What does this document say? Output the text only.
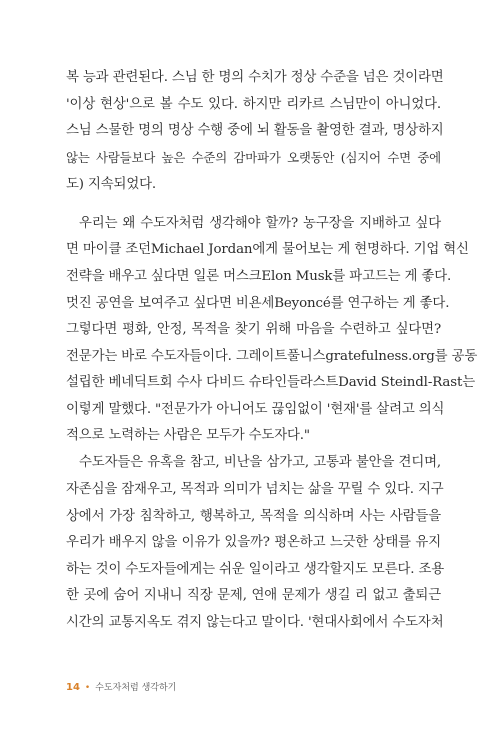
복 능과 관련된다. 스님 한 명의 수치가 정상 수준을 넘은 것이라면
'이상 현상'으로 볼 수도 있다. 하지만 리카르 스님만이 아니었다.
스님 스물한 명의 명상 수행 중에 뇌 활동을 촬영한 결과, 명상하지
않는 사람들보다 높은 수준의 감마파가 오랫동안 (심지어 수면 중에
도) 지속되었다.
우리는 왜 수도자처럼 생각해야 할까? 농구장을 지배하고 싶다
면 마이클 조던Michael Jordan에게 물어보는 게 현명하다. 기업 혁신
전략을 배우고 싶다면 일론 머스크Elon Musk를 파고드는 게 좋다.
멋진 공연을 보여주고 싶다면 비욘세Beyoncé를 연구하는 게 좋다.
그렇다면 평화, 안정, 목적을 찾기 위해 마음을 수련하고 싶다면?
전문가는 바로 수도자들이다. 그레이트풀니스gratefulness.org를 공동
설립한 베네딕트회 수사 다비드 슈타인들라스트David Steindl-Rast는
이렇게 말했다. "전문가가 아니어도 끊임없이 '현재'를 살려고 의식
적으로 노력하는 사람은 모두가 수도자다."
수도자들은 유혹을 참고, 비난을 삼가고, 고통과 불안을 견디며,
자존심을 잠재우고, 목적과 의미가 넘치는 삶을 꾸릴 수 있다. 지구
상에서 가장 침착하고, 행복하고, 목적을 의식하며 사는 사람들을
우리가 배우지 않을 이유가 있을까? 평온하고 느긋한 상태를 유지
하는 것이 수도자들에게는 쉬운 일이라고 생각할지도 모른다. 조용
한 곳에 숨어 지내니 직장 문제, 연애 문제가 생길 리 없고 출퇴근
시간의 교통지옥도 겪지 않는다고 말이다. '현대사회에서 수도자처
14 • 수도자처럼 생각하기
